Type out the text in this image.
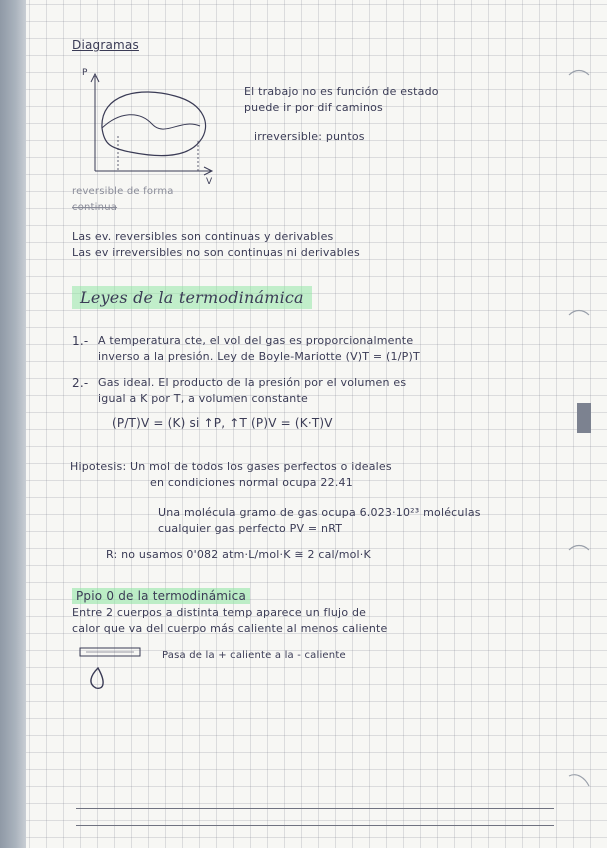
Diagramas
P
V
reversible de forma
continua
El trabajo no es función de estado
puede ir por dif caminos
irreversible: puntos
Las ev. reversibles son continuas y derivables
Las ev irreversibles no son continuas ni derivables
Leyes de la termodinámica
1.- A temperatura cte, el vol del gas es proporcionalmente
inverso a la presión. Ley de Boyle-Mariotte (V)T = (1/P)T
2.- Gas ideal. El producto de la presión por el volumen es
igual a K por T, a volumen constante
(P/T)V = (K) si ↑P, ↑T (P)V = (K·T)V
Hipotesis: Un mol de todos los gases perfectos o ideales
en condiciones normal ocupa 22.41
Una molécula gramo de gas ocupa 6.023·10²³ moléculas
cualquier gas perfecto PV = nRT
R: no usamos 0'082 atm·L/mol·K ≅ 2 cal/mol·K
Ppio 0 de la termodinámica
Entre 2 cuerpos a distinta temp aparece un flujo de
calor que va del cuerpo más caliente al menos caliente
Pasa de la + caliente a la - caliente
